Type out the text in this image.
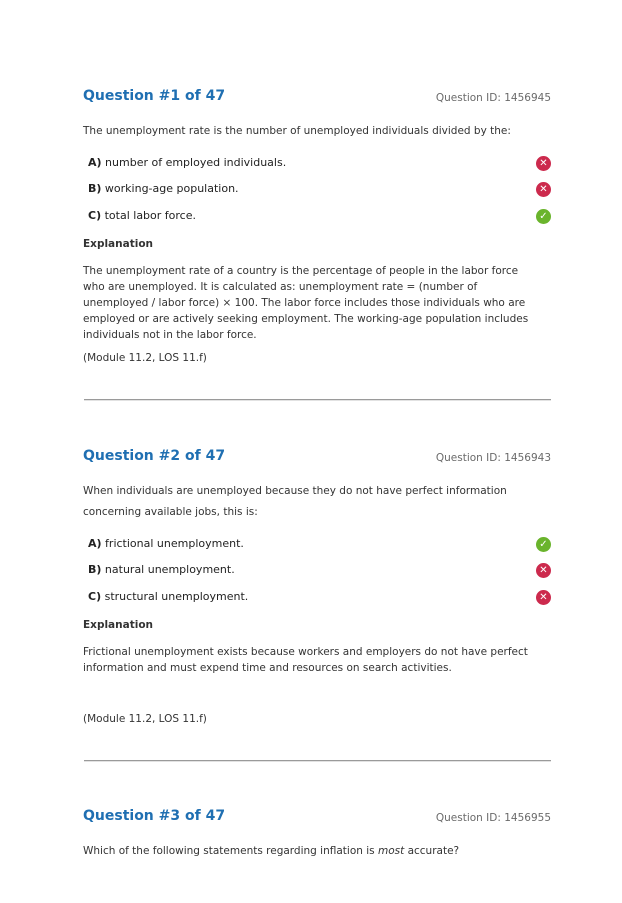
Question #1 of 47	Question ID: 1456945
The unemployment rate is the number of unemployed individuals divided by the:
A) number of employed individuals.	✕
B) working-age population.	✕
C) total labor force.	✓
Explanation
The unemployment rate of a country is the percentage of people in the labor force who are unemployed. It is calculated as: unemployment rate = (number of unemployed / labor force) × 100. The labor force includes those individuals who are employed or are actively seeking employment. The working-age population includes individuals not in the labor force.
(Module 11.2, LOS 11.f)
Question #2 of 47	Question ID: 1456943
When individuals are unemployed because they do not have perfect information concerning available jobs, this is:
A) frictional unemployment.	✓
B) natural unemployment.	✕
C) structural unemployment.	✕
Explanation
Frictional unemployment exists because workers and employers do not have perfect information and must expend time and resources on search activities.
(Module 11.2, LOS 11.f)
Question #3 of 47	Question ID: 1456955
Which of the following statements regarding inflation is most accurate?
